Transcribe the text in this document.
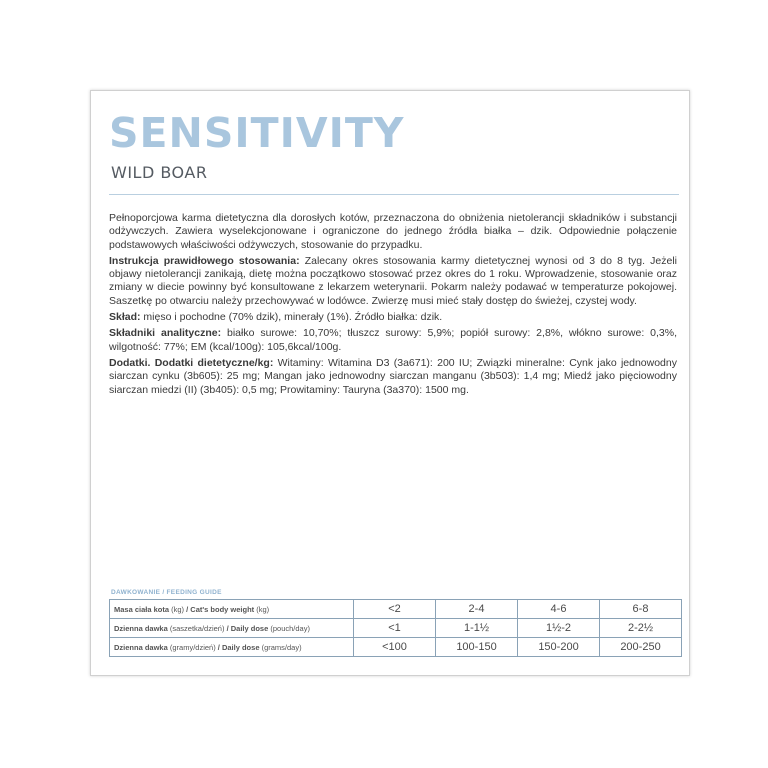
SENSITIVITY
WILD BOAR

Pełnoporcjowa karma dietetyczna dla dorosłych kotów, przeznaczona do obniżenia nietolerancji składników i substancji odżywczych. Zawiera wyselekcjonowane i ograniczone do jednego źródła białka – dzik. Odpowiednie połączenie podstawowych właściwości odżywczych, stosowanie do przypadku.

Instrukcja prawidłowego stosowania: Zalecany okres stosowania karmy dietetycznej wynosi od 3 do 8 tyg. Jeżeli objawy nietolerancji zanikają, dietę można początkowo stosować przez okres do 1 roku. Wprowadzenie, stosowanie oraz zmiany w diecie powinny być konsultowane z lekarzem weterynarii. Pokarm należy podawać w temperaturze pokojowej. Saszetkę po otwarciu należy przechowywać w lodówce. Zwierzę musi mieć stały dostęp do świeżej, czystej wody.

Skład: mięso i pochodne (70% dzik), minerały (1%). Źródło białka: dzik.

Składniki analityczne: białko surowe: 10,70%; tłuszcz surowy: 5,9%; popiół surowy: 2,8%, włókno surowe: 0,3%, wilgotność: 77%; EM (kcal/100g): 105,6kcal/100g.

Dodatki. Dodatki dietetyczne/kg: Witaminy: Witamina D3 (3a671): 200 IU; Związki mineralne: Cynk jako jednowodny siarczan cynku (3b605): 25 mg; Mangan jako jednowodny siarczan manganu (3b503): 1,4 mg; Miedź jako pięciowodny siarczan miedzi (II) (3b405): 0,5 mg; Prowitaminy: Tauryna (3a370): 1500 mg.

DAWKOWANIE / FEEDING GUIDE
Masa ciała kota (kg) / Cat's body weight (kg)	<2	2-4	4-6	6-8
Dzienna dawka (saszetka/dzień) / Daily dose (pouch/day)	<1	1-1½	1½-2	2-2½
Dzienna dawka (gramy/dzień) / Daily dose (grams/day)	<100	100-150	150-200	200-250
